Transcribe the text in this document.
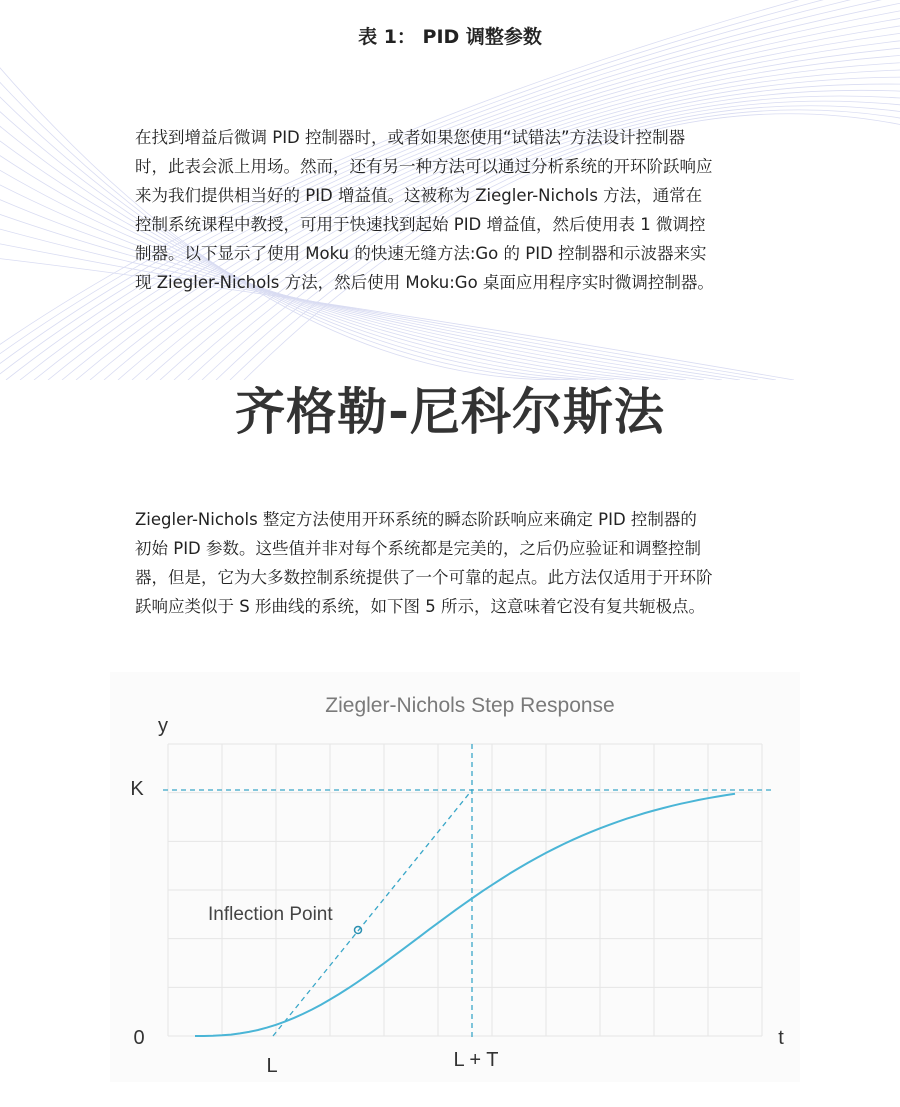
表 1： PID 调整参数

在找到增益后微调 PID 控制器时，或者如果您使用“试错法”方法设计控制器

时，此表会派上用场。然而，还有另一种方法可以通过分析系统的开环阶跃响应

来为我们提供相当好的 PID 增益值。这被称为 Ziegler-Nichols 方法，通常在

控制系统课程中教授，可用于快速找到起始 PID 增益值，然后使用表 1 微调控

制器。以下显示了使用 Moku 的快速无缝方法:Go 的 PID 控制器和示波器来实

现 Ziegler-Nichols 方法，然后使用 Moku:Go 桌面应用程序实时微调控制器。

齐格勒-尼科尔斯法

Ziegler-Nichols 整定方法使用开环系统的瞬态阶跃响应来确定 PID 控制器的

初始 PID 参数。这些值并非对每个系统都是完美的，之后仍应验证和调整控制

器，但是，它为大多数控制系统提供了一个可靠的起点。此方法仅适用于开环阶

跃响应类似于 S 形曲线的系统，如下图 5 所示，这意味着它没有复共轭极点。

Ziegler-Nichols Step Response
Inflection Point
y
t
K
0
L	L + T
